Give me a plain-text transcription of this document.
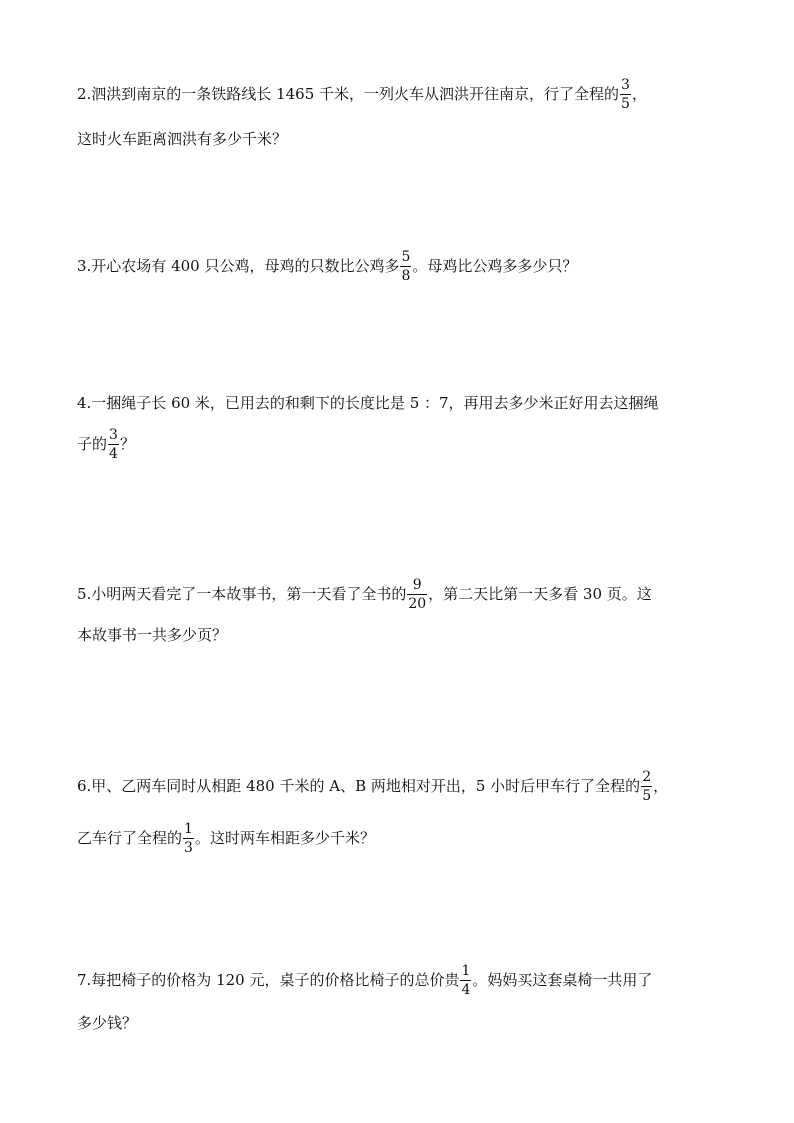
2.泗洪到南京的一条铁路线长 1465 千米，一列火车从泗洪开往南京，行了全程的 $\frac{3}{5}$ ，
这时火车距离泗洪有多少千米？
3.开心农场有 400 只公鸡，母鸡的只数比公鸡多 $\frac{5}{8}$ 。母鸡比公鸡多多少只？
4.一捆绳子长 60 米，已用去的和剩下的长度比是 5 ：7，再用去多少米正好用去这捆绳
子的 $\frac{3}{4}$ ？
5.小明两天看完了一本故事书，第一天看了全书的 $\frac{9}{20}$ ，第二天比第一天多看 30 页。这
本故事书一共多少页？
6.甲、乙两车同时从相距 480 千米的 A、B 两地相对开出，5 小时后甲车行了全程的 $\frac{2}{5}$ ，
乙车行了全程的 $\frac{1}{3}$ 。这时两车相距多少千米？
7.每把椅子的价格为 120 元，桌子的价格比椅子的总价贵 $\frac{1}{4}$ 。妈妈买这套桌椅一共用了
多少钱？
